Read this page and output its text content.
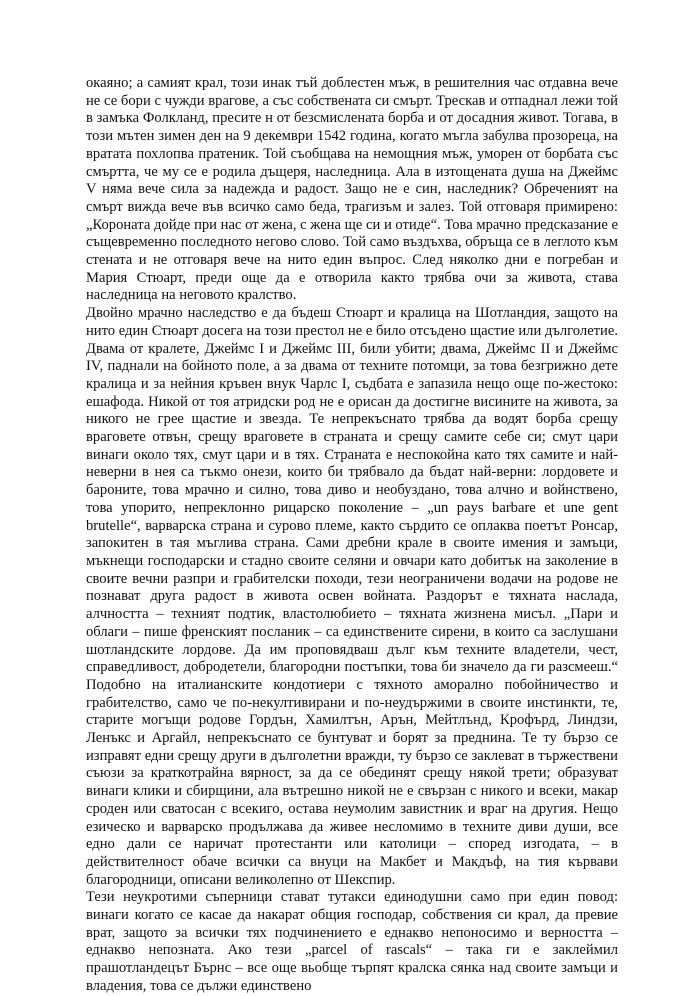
окаяно; а самият крал, този инак тъй доблестен мъж, в решителния час отдавна вече не се бори с чужди врагове, а със собствената си смърт. Трескав и отпаднал лежи той в замъка Фолкланд, пресите н от безсмислената борба и от досадния живот. Тогава, в този мътен зимен ден на 9 декември 1542 година, когато мъгла забулва прозореца, на вратата похлопва пратеник. Той съобщава на немощния мъж, уморен от борбата със смъртта, че му се е родила дъщеря, наследница. Ала в изтощената душа на Джеймс V няма вече сила за надежда и радост. Защо не е син, наследник? Обреченият на смърт вижда вече във всичко само беда, трагизъм и залез. Той отговаря примирено: „Короната дойде при нас от жена, с жена ще си и отиде“. Това мрачно предсказание е същевременно последното негово слово. Той само въздъхва, обръща се в леглото към стената и не отговаря вече на нито един въпрос. След няколко дни е погребан и Мария Стюарт, преди още да е отворила както трябва очи за живота, става наследница на неговото кралство.

Двойно мрачно наследство е да бъдеш Стюарт и кралица на Шотландия, защото на нито един Стюарт досега на този престол не е било отсъдено щастие или дълголетие. Двама от кралете, Джеймс I и Джеймс III, били убити; двама, Джеймс II и Джеймс IV, паднали на бойното поле, а за двама от техните потомци, за това безгрижно дете кралица и за нейния кръвен внук Чарлс I, съдбата е запазила нещо още по-жестоко: ешафода. Никой от тоя атридски род не е орисан да достигне висините на живота, за никого не грее щастие и звезда. Те непрекъснато трябва да водят борба срещу враговете отвън, срещу враговете в страната и срещу самите себе си; смут цари винаги около тях, смут цари и в тях. Страната е неспокойна като тях самите и най-неверни в нея са тъкмо онези, които би трябвало да бъдат най-верни: лордовете и бароните, това мрачно и силно, това диво и необуздано, това алчно и войнствено, това упорито, непреклонно рицарско поколение – „un pays barbare et une gent brutelle“, варварска страна и сурово племе, както сърдито се оплаква поетът Ронсар, запокитен в тая мъглива страна. Сами дребни крале в своите имения и замъци, мъкнещи господарски и стадно своите селяни и овчари като добитък на заколение в своите вечни разпри и грабителски походи, тези неограничени водачи на родове не познават друга радост в живота освен войната. Раздорът е тяхната наслада, алчността – техният подтик, властолюбието – тяхната жизнена мисъл. „Пари и облаги – пише френският посланик – са единствените сирени, в които са заслушани шотландските лордове. Да им проповядваш дълг към техните владетели, чест, справедливост, добродетели, благородни постъпки, това би значело да ги разсмееш.“ Подобно на италианските кондотиери с тяхното аморално побойничество и грабителство, само че по-некултивирани и по-неудържими в своите инстинкти, те, старите могъщи родове Гордън, Хамилтън, Арън, Мейтлънд, Крофърд, Линдзи, Ленъкс и Аргайл, непрекъснато се бунтуват и борят за преднина. Те ту бързо се изправят едни срещу други в дълголетни вражди, ту бързо се заклеват в тържествени съюзи за краткотрайна вярност, за да се обединят срещу някой трети; образуват винаги клики и сбирщини, ала вътрешно никой не е свързан с никого и всеки, макар сроден или сватосан с всекиго, остава неумолим завистник и враг на другия. Нещо езическо и варварско продължава да живее несломимо в техните диви души, все едно дали се наричат протестанти или католици – според изгодата, – в действителност обаче всички са внуци на Макбет и Макдъф, на тия кървави благородници, описани великолепно от Шекспир.

Тези неукротими съперници стават тутакси единодушни само при един повод: винаги когато се касае да накарат общия господар, собствения си крал, да превие врат, защото за всички тях подчинението е еднакво непоносимо и верността – еднакво непозната. Ако тези „parcel of rascals“ – така ги е заклеймил прашотландецът Бърнс – все още вьобще търпят кралска сянка над своите замъци и владения, това се дължи единствено
